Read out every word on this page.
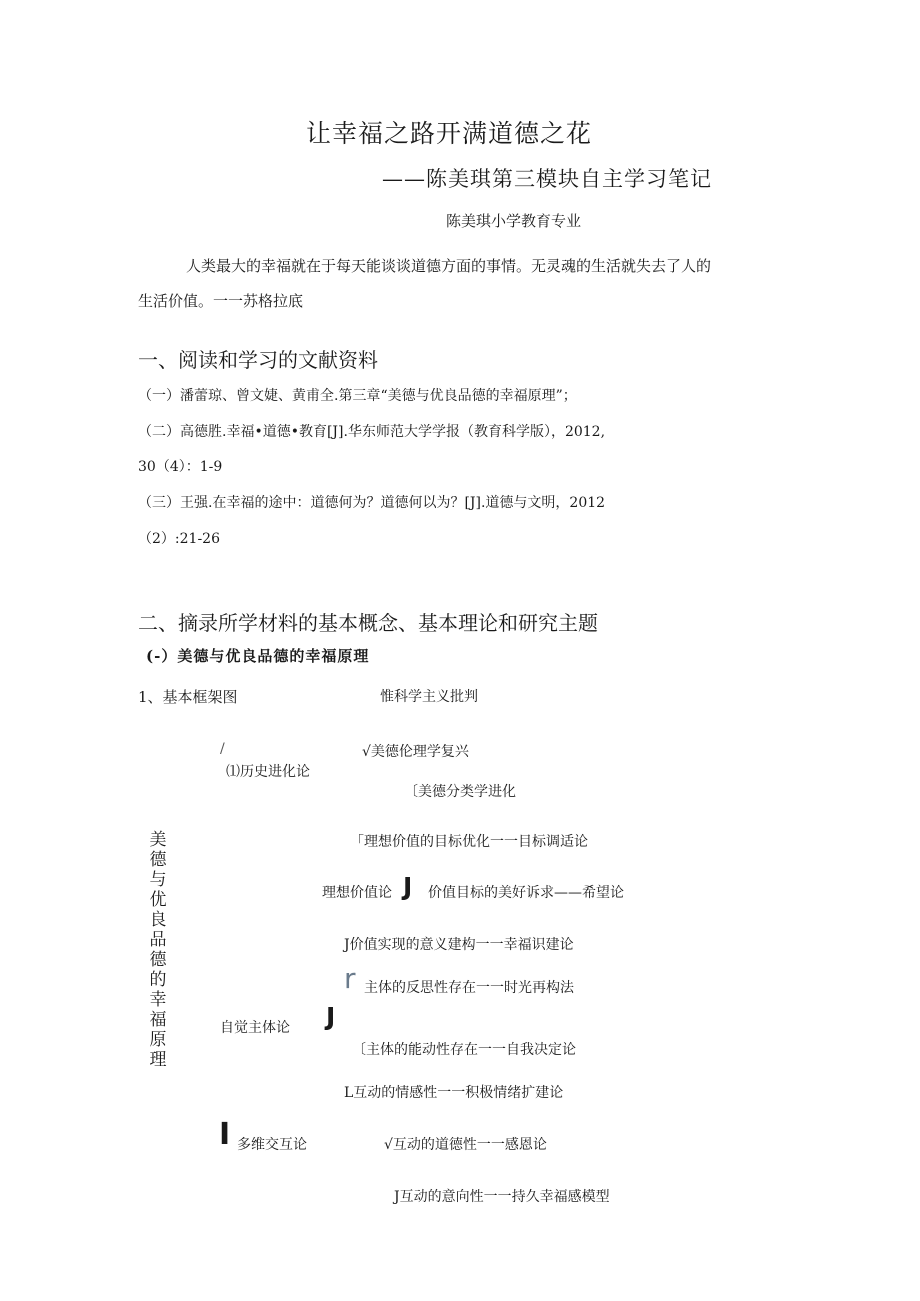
让幸福之路开满道德之花
——陈美琪第三模块自主学习笔记
陈美琪小学教育专业
人类最大的幸福就在于每天能谈谈道德方面的事情。无灵魂的生活就失去了人的
生活价值。一一苏格拉底
一、阅读和学习的文献资料
（一）潘蕾琼、曾文婕、黄甫全.第三章“美德与优良品德的幸福原理”；
（二）高德胜.幸福•道德•教育[J].华东师范大学学报（教育科学版），2012,
30（4）：1-9
（三）王强.在幸福的途中：道德何为？道德何以为？[J].道德与文明，2012
（2）:21-26
二、摘录所学材料的基本概念、基本理论和研究主题
(-）美德与优良品德的幸福原理
1、基本框架图	惟科学主义批判
/	√美德伦理学复兴
⑴历史进化论
〔美德分类学进化
美德与优良品德的幸福原理
「理想价值的目标优化一一目标调适论
理想价值论 J 价值目标的美好诉求——希望论
J价值实现的意义建构一一幸福识建论
r 主体的反思性存在一一时光再构法
自觉主体论 J
〔主体的能动性存在一一自我决定论
L互动的情感性一一积极情绪扩建论
I 多维交互论	√互动的道德性一一感恩论
J互动的意向性一一持久幸福感模型
